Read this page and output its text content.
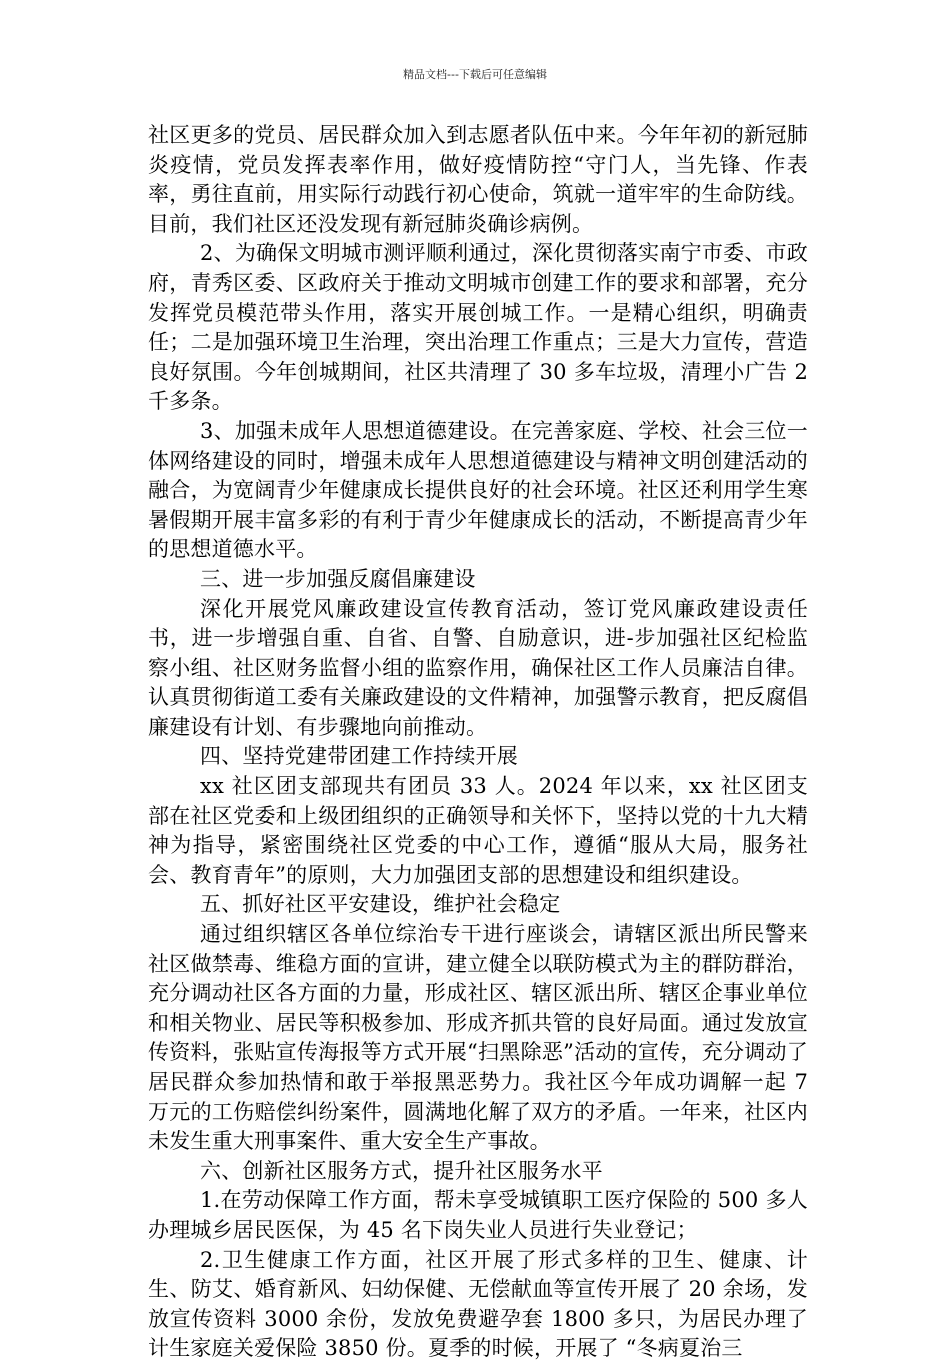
精品文档---下载后可任意编辑

社区更多的党员、居民群众加入到志愿者队伍中来。今年年初的新冠肺炎疫情，党员发挥表率作用，做好疫情防控“守门人，当先锋、作表率，勇往直前，用实际行动践行初心使命，筑就一道牢牢的生命防线。目前，我们社区还没发现有新冠肺炎确诊病例。

2、为确保文明城市测评顺利通过，深化贯彻落实南宁市委、市政府，青秀区委、区政府关于推动文明城市创建工作的要求和部署，充分发挥党员模范带头作用，落实开展创城工作。一是精心组织，明确责任；二是加强环境卫生治理，突出治理工作重点；三是大力宣传，营造良好氛围。今年创城期间，社区共清理了 30 多车垃圾，清理小广告 2 千多条。

3、加强未成年人思想道德建设。在完善家庭、学校、社会三位一体网络建设的同时，增强未成年人思想道德建设与精神文明创建活动的融合，为宽阔青少年健康成长提供良好的社会环境。社区还利用学生寒暑假期开展丰富多彩的有利于青少年健康成长的活动，不断提高青少年的思想道德水平。

三、进一步加强反腐倡廉建设

深化开展党风廉政建设宣传教育活动，签订党风廉政建设责任书，进一步增强自重、自省、自警、自励意识，进-步加强社区纪检监察小组、社区财务监督小组的监察作用，确保社区工作人员廉洁自律。认真贯彻街道工委有关廉政建设的文件精神，加强警示教育，把反腐倡廉建设有计划、有步骤地向前推动。

四、坚持党建带团建工作持续开展

xx 社区团支部现共有团员 33 人。2024 年以来，xx 社区团支部在社区党委和上级团组织的正确领导和关怀下，坚持以党的十九大精神为指导，紧密围绕社区党委的中心工作，遵循“服从大局，服务社会、教育青年”的原则，大力加强团支部的思想建设和组织建设。

五、抓好社区平安建设，维护社会稳定

通过组织辖区各单位综治专干进行座谈会，请辖区派出所民警来社区做禁毒、维稳方面的宣讲，建立健全以联防模式为主的群防群治，充分调动社区各方面的力量，形成社区、辖区派出所、辖区企事业单位和相关物业、居民等积极参加、形成齐抓共管的良好局面。通过发放宣传资料，张贴宣传海报等方式开展“扫黑除恶”活动的宣传，充分调动了居民群众参加热情和敢于举报黑恶势力。我社区今年成功调解一起 7 万元的工伤赔偿纠纷案件，圆满地化解了双方的矛盾。一年来，社区内未发生重大刑事案件、重大安全生产事故。

六、创新社区服务方式，提升社区服务水平

1.在劳动保障工作方面，帮未享受城镇职工医疗保险的 500 多人办理城乡居民医保，为 45 名下岗失业人员进行失业登记；

2.卫生健康工作方面，社区开展了形式多样的卫生、健康、计生、防艾、婚育新风、妇幼保健、无偿献血等宣传开展了 20 余场，发放宣传资料 3000 余份，发放免费避孕套 1800 多只，为居民办理了计生家庭关爱保险 3850 份。夏季的时候，开展了 “冬病夏治三
